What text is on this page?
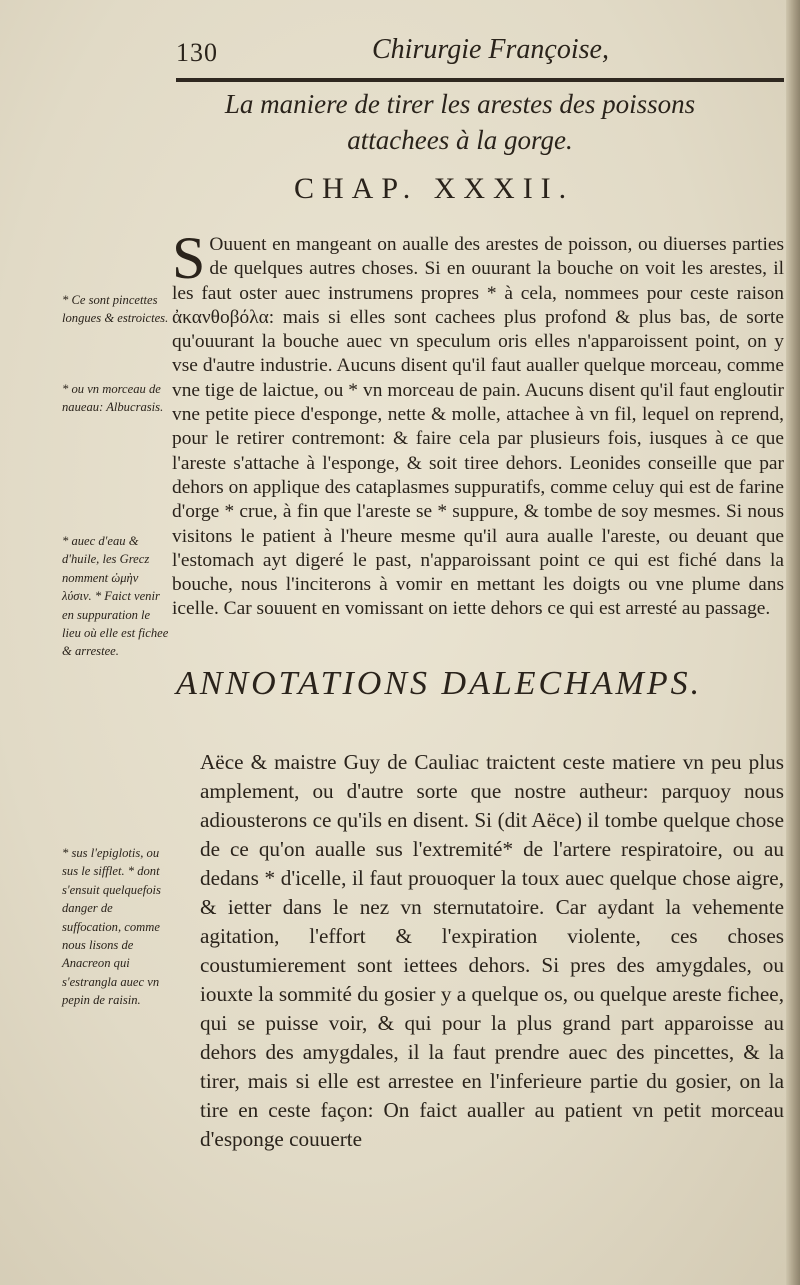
130	Chirurgie Françoise,
La maniere de tirer les arestes des poissons
attachees à la gorge.
CHAP. XXXII.
S Ouuent en mangeant on aualle des arestes de poisson, ou diuerses parties de quelques autres choses. Si en ouurant la bouche on voit les arestes, il les faut oster auec instrumens propres * à cela, nommees pour ceste raison ἀκανθοβόλα: mais si elles sont cachees plus profond & plus bas, de sorte qu'ouurant la bouche auec vn speculum oris elles n'apparoissent point, on y vse d'autre industrie. Aucuns disent qu'il faut aualler quelque morceau, comme vne tige de laictue, ou * vn morceau de pain. Aucuns disent qu'il faut engloutir vne petite piece d'esponge, nette & molle, attachee à vn fil, lequel on reprend, pour le retirer contremont: & faire cela par plusieurs fois, iusques à ce que l'areste s'attache à l'esponge, & soit tiree dehors. Leonides conseille que par dehors on applique des cataplasmes suppuratifs, comme celuy qui est de farine d'orge * crue, à fin que l'areste se * suppure, & tombe de soy mesmes. Si nous visitons le patient à l'heure mesme qu'il aura aualle l'areste, ou deuant que l'estomach ayt digeré le past, n'apparoissant point ce qui est fiché dans la bouche, nous l'inciterons à vomir en mettant les doigts ou vne plume dans icelle. Car souuent en vomissant on iette dehors ce qui est arresté au passage.
* Ce sont pincettes longues & estroictes.
* ou vn morceau de naueau: Albucrasis.
* auec d'eau & d'huile, les Grecz nomment ὠμὴν λύσιν. * Faict venir en suppuration le lieu où elle est fichee & arrestee.
* sus l'epiglotis, ou sus le sifflet. * dont s'ensuit quelquefois danger de suffocation, comme nous lisons de Anacreon qui s'estrangla auec vn pepin de raisin.
ANNOTATIONS DALECHAMPS.
Aëce & maistre Guy de Cauliac traictent ceste matiere vn peu plus amplement, ou d'autre sorte que nostre autheur: parquoy nous adiousterons ce qu'ils en disent. Si (dit Aëce) il tombe quelque chose de ce qu'on aualle sus l'extremité* de l'artere respiratoire, ou au dedans * d'icelle, il faut prouoquer la toux auec quelque chose aigre, & ietter dans le nez vn sternutatoire. Car aydant la vehemente agitation, l'effort & l'expiration violente, ces choses coustumierement sont iettees dehors. Si pres des amygdales, ou iouxte la sommité du gosier y a quelque os, ou quelque areste fichee, qui se puisse voir, & qui pour la plus grand part apparoisse au dehors des amygdales, il la faut prendre auec des pincettes, & la tirer, mais si elle est arrestee en l'inferieure partie du gosier, on la tire en ceste façon: On faict aualler au patient vn petit morceau d'esponge couuerte
